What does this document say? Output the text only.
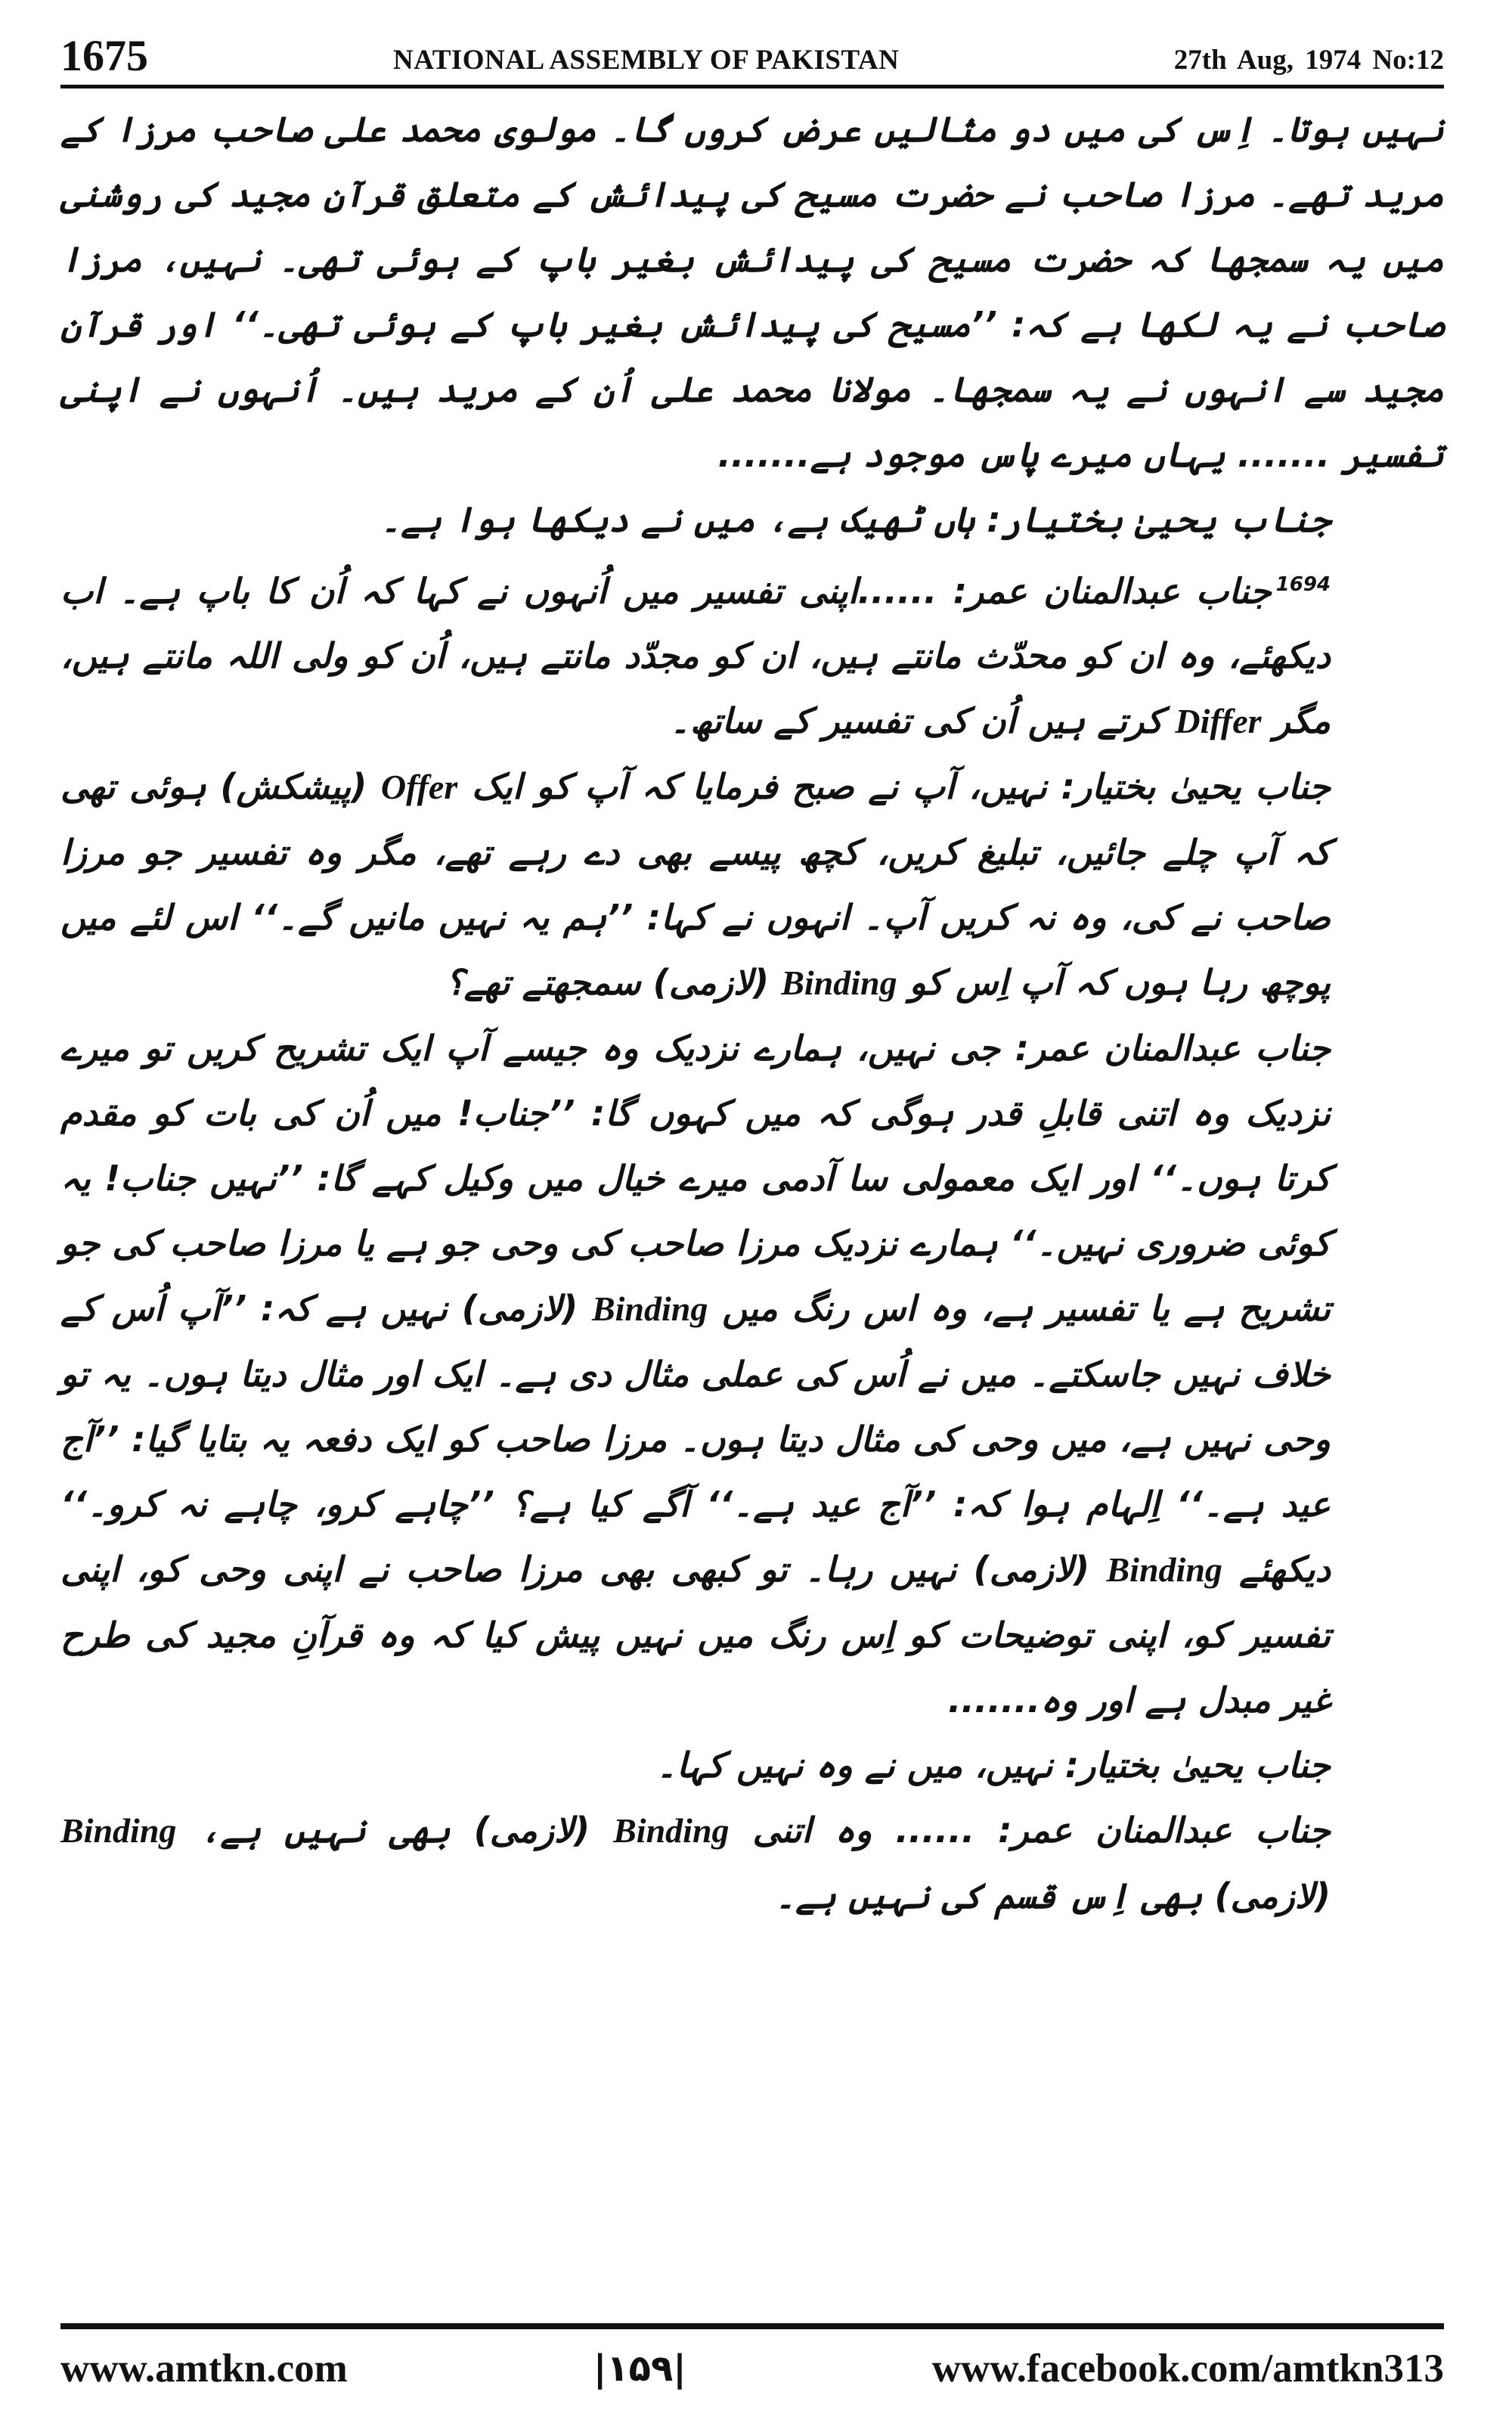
1675	NATIONAL ASSEMBLY OF PAKISTAN	27th Aug, 1974 No:12

نہیں ہوتا۔ اِس کی میں دو مثالیں عرض کروں گا۔ مولوی محمد علی صاحب مرزا کے مرید تھے۔ مرزا صاحب نے حضرت مسیح کی پیدائش کے متعلق قرآنِ مجید کی روشنی میں یہ سمجھا کہ حضرت مسیح کی پیدائش بغیر باپ کے ہوئی تھی۔ نہیں، مرزا صاحب نے یہ لکھا ہے کہ: ’’مسیح کی پیدائش بغیر باپ کے ہوئی تھی۔‘‘ اور قرآن مجید سے انہوں نے یہ سمجھا۔ مولانا محمد علی اُن کے مرید ہیں۔ اُنہوں نے اپنی تفسیر ....... یہاں میرے پاس موجود ہے.......

جناب یحییٰ بختیار: ہاں ٹھیک ہے، میں نے دیکھا ہوا ہے۔

$^{1694}$جناب عبدالمنان عمر: ......اپنی تفسیر میں اُنہوں نے کہا کہ اُن کا باپ ہے۔ اب دیکھئے، وہ ان کو محدّث مانتے ہیں، ان کو مجدّد مانتے ہیں، اُن کو ولی اللہ مانتے ہیں، مگر Differ کرتے ہیں اُن کی تفسیر کے ساتھ۔

جناب یحییٰ بختیار: نہیں، آپ نے صبح فرمایا کہ آپ کو ایک Offer (پیشکش) ہوئی تھی کہ آپ چلے جائیں، تبلیغ کریں، کچھ پیسے بھی دے رہے تھے، مگر وہ تفسیر جو مرزا صاحب نے کی، وہ نہ کریں آپ۔ انہوں نے کہا: ’’ہم یہ نہیں مانیں گے۔‘‘ اس لئے میں پوچھ رہا ہوں کہ آپ اِس کو Binding (لازمی) سمجھتے تھے؟

جناب عبدالمنان عمر: جی نہیں، ہمارے نزدیک وہ جیسے آپ ایک تشریح کریں تو میرے نزدیک وہ اتنی قابلِ قدر ہوگی کہ میں کہوں گا: ’’جناب! میں اُن کی بات کو مقدم کرتا ہوں۔‘‘ اور ایک معمولی سا آدمی میرے خیال میں وکیل کہے گا: ’’نہیں جناب! یہ کوئی ضروری نہیں۔‘‘ ہمارے نزدیک مرزا صاحب کی وحی جو ہے یا مرزا صاحب کی جو تشریح ہے یا تفسیر ہے، وہ اس رنگ میں Binding (لازمی) نہیں ہے کہ: ’’آپ اُس کے خلاف نہیں جاسکتے۔ میں نے اُس کی عملی مثال دی ہے۔ ایک اور مثال دیتا ہوں۔ یہ تو وحی نہیں ہے، میں وحی کی مثال دیتا ہوں۔ مرزا صاحب کو ایک دفعہ یہ بتایا گیا: ’’آج عید ہے۔‘‘ اِلہام ہوا کہ: ’’آج عید ہے۔‘‘ آگے کیا ہے؟ ’’چاہے کرو، چاہے نہ کرو۔‘‘ دیکھئے Binding (لازمی) نہیں رہا۔ تو کبھی بھی مرزا صاحب نے اپنی وحی کو، اپنی تفسیر کو، اپنی توضیحات کو اِس رنگ میں نہیں پیش کیا کہ وہ قرآنِ مجید کی طرح غیر مبدل ہے اور وہ.......

جناب یحییٰ بختیار: نہیں، میں نے وہ نہیں کہا۔

جناب عبدالمنان عمر: ...... وہ اتنی Binding (لازمی) بھی نہیں ہے، Binding (لازمی) بھی اِس قسم کی نہیں ہے۔

www.amtkn.com	|۱۵۹|	www.facebook.com/amtkn313
